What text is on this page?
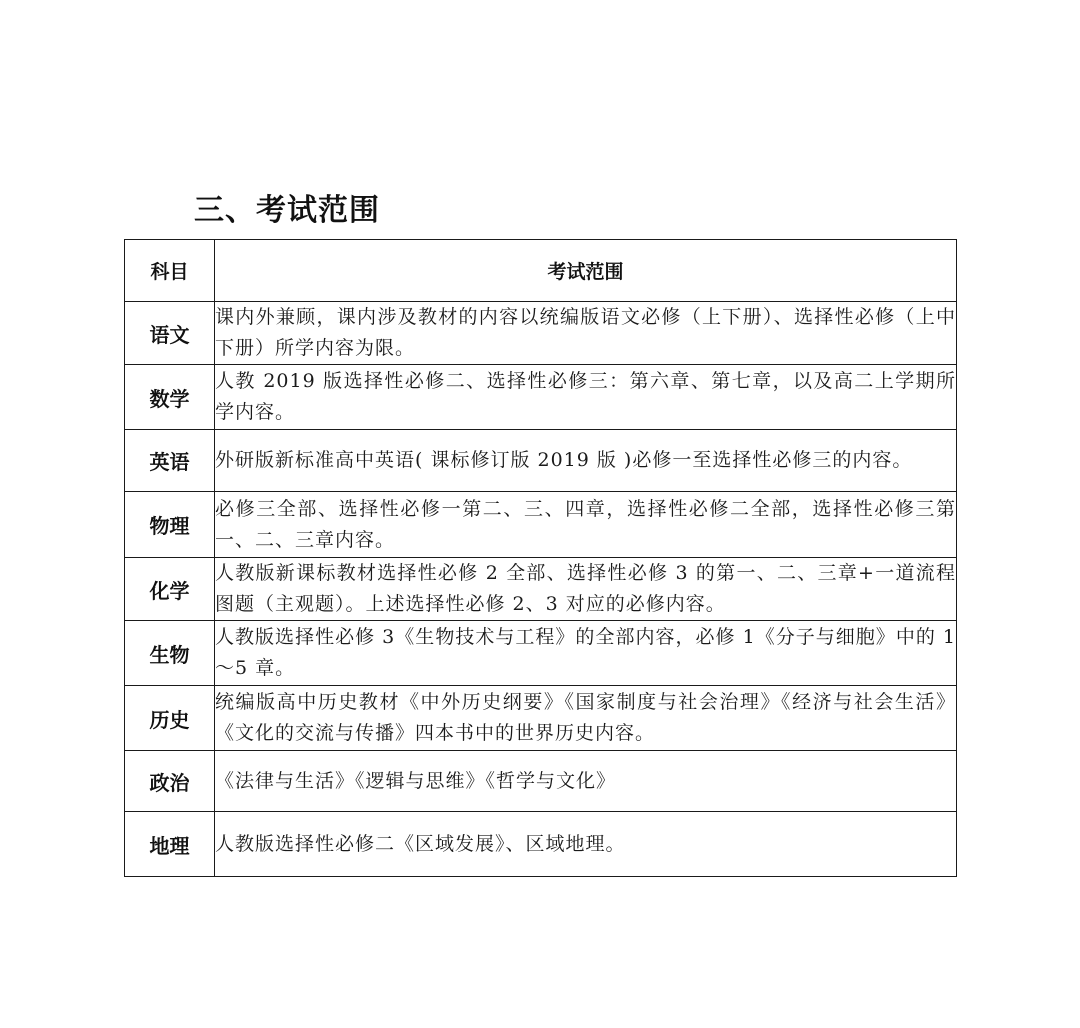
三、考试范围
科目	考试范围
语文	课内外兼顾，课内涉及教材的内容以统编版语文必修（上下册）、选择性必修（上中下册）所学内容为限。
数学	人教 2019 版选择性必修二、选择性必修三：第六章、第七章，以及高二上学期所学内容。
英语	外研版新标准高中英语( 课标修订版 2019 版 )必修一至选择性必修三的内容。
物理	必修三全部、选择性必修一第二、三、四章，选择性必修二全部，选择性必修三第一、二、三章内容。
化学	人教版新课标教材选择性必修 2 全部、选择性必修 3 的第一、二、三章+一道流程图题（主观题）。上述选择性必修 2、3 对应的必修内容。
生物	人教版选择性必修 3《生物技术与工程》的全部内容，必修 1《分子与细胞》中的 1～5 章。
历史	统编版高中历史教材《中外历史纲要》《国家制度与社会治理》《经济与社会生活》《文化的交流与传播》四本书中的世界历史内容。
政治	《法律与生活》《逻辑与思维》《哲学与文化》
地理	人教版选择性必修二《区域发展》、区域地理。
